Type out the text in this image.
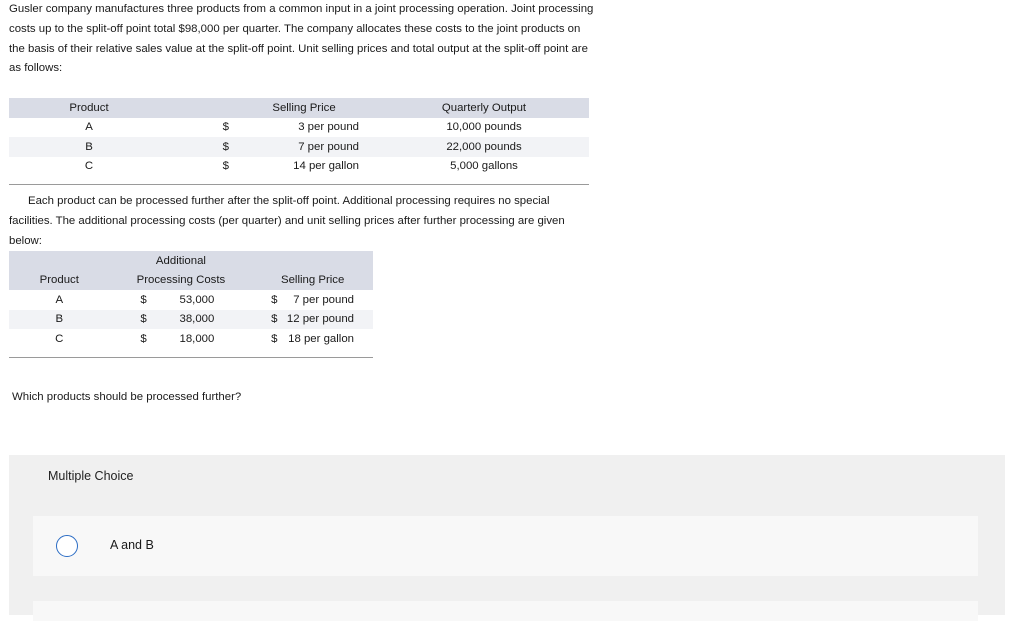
Gusler company manufactures three products from a common input in a joint processing operation. Joint processing costs up to the split-off point total $98,000 per quarter. The company allocates these costs to the joint products on the basis of their relative sales value at the split-off point. Unit selling prices and total output at the split-off point are as follows:
Product		Selling Price	Quarterly Output
A	$	3 per pound	10,000 pounds
B	$	7 per pound	22,000 pounds
C	$	14 per gallon	5,000 gallons
Each product can be processed further after the split-off point. Additional processing requires no special facilities. The additional processing costs (per quarter) and unit selling prices after further processing are given below:
	Additional			
Product	Processing Costs		Selling Price	
A	$	53,000	$	7 per pound
B	$	38,000	$	12 per pound
C	$	18,000	$	18 per gallon
Which products should be processed further?
Multiple Choice
A and B
